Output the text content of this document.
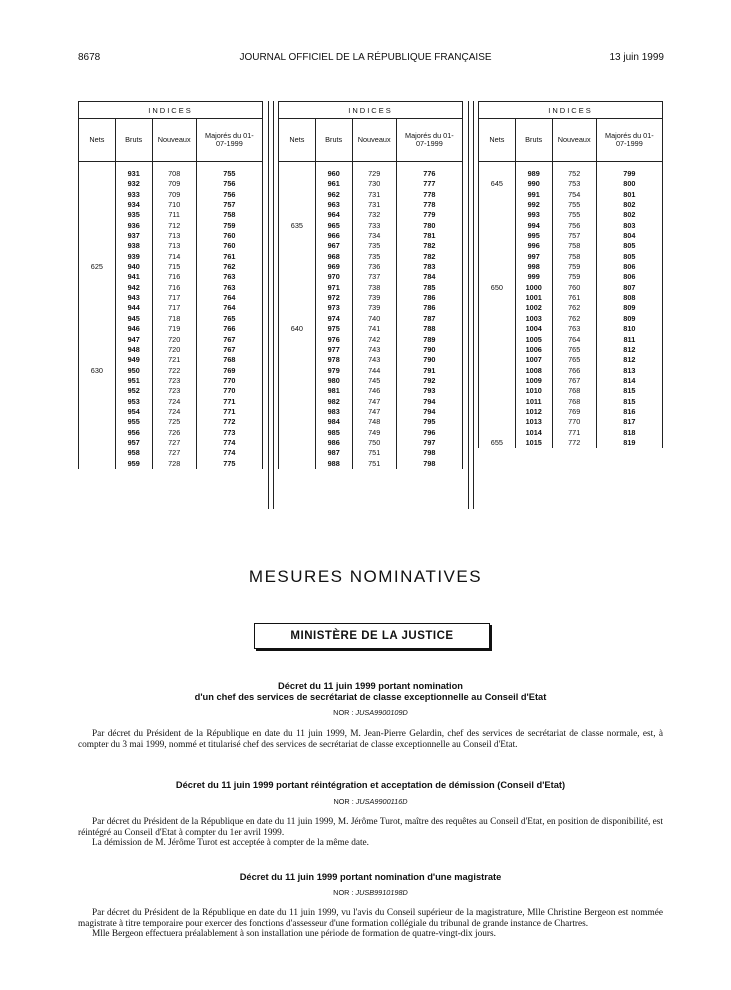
8678	JOURNAL OFFICIEL DE LA RÉPUBLIQUE FRANÇAISE	13 juin 1999
INDICES			
Nets	Bruts	Nouveaux	Majorés du 01-07-1999
	931	708	755
	932	709	756
	933	709	756
	934	710	757
	935	711	758
	936	712	759
	937	713	760
	938	713	760
	939	714	761
625	940	715	762
	941	716	763
	942	716	763
	943	717	764
	944	717	764
	945	718	765
	946	719	766
	947	720	767
	948	720	767
	949	721	768
630	950	722	769
	951	723	770
	952	723	770
	953	724	771
	954	724	771
	955	725	772
	956	726	773
	957	727	774
	958	727	774
	959	728	775
INDICES			
Nets	Bruts	Nouveaux	Majorés du 01-07-1999
	960	729	776
	961	730	777
	962	731	778
	963	731	778
	964	732	779
635	965	733	780
	966	734	781
	967	735	782
	968	735	782
	969	736	783
	970	737	784
	971	738	785
	972	739	786
	973	739	786
	974	740	787
640	975	741	788
	976	742	789
	977	743	790
	978	743	790
	979	744	791
	980	745	792
	981	746	793
	982	747	794
	983	747	794
	984	748	795
	985	749	796
	986	750	797
	987	751	798
	988	751	798
INDICES			
Nets	Bruts	Nouveaux	Majorés du 01-07-1999
	989	752	799
645	990	753	800
	991	754	801
	992	755	802
	993	755	802
	994	756	803
	995	757	804
	996	758	805
	997	758	805
	998	759	806
	999	759	806
650	1000	760	807
	1001	761	808
	1002	762	809
	1003	762	809
	1004	763	810
	1005	764	811
	1006	765	812
	1007	765	812
	1008	766	813
	1009	767	814
	1010	768	815
	1011	768	815
	1012	769	816
	1013	770	817
	1014	771	818
655	1015	772	819
MESURES NOMINATIVES
MINISTÈRE DE LA JUSTICE
Décret du 11 juin 1999 portant nomination
d'un chef des services de secrétariat de classe exceptionnelle au Conseil d'Etat
NOR : JUSA9900109D

Par décret du Président de la République en date du 11 juin 1999, M. Jean-Pierre Gelardin, chef des services de secrétariat de classe normale, est, à compter du 3 mai 1999, nommé et titularisé chef des services de secrétariat de classe exceptionnelle au Conseil d'Etat.

Décret du 11 juin 1999 portant réintégration et acceptation de démission (Conseil d'Etat)
NOR : JUSA9900116D

Par décret du Président de la République en date du 11 juin 1999, M. Jérôme Turot, maître des requêtes au Conseil d'Etat, en position de disponibilité, est réintégré au Conseil d'Etat à compter du 1er avril 1999.

La démission de M. Jérôme Turot est acceptée à compter de la même date.

Décret du 11 juin 1999 portant nomination d'une magistrate
NOR : JUSB9910198D

Par décret du Président de la République en date du 11 juin 1999, vu l'avis du Conseil supérieur de la magistrature, Mlle Christine Bergeon est nommée magistrate à titre temporaire pour exercer des fonctions d'assesseur d'une formation collégiale du tribunal de grande instance de Chartres.

Mlle Bergeon effectuera préalablement à son installation une période de formation de quatre-vingt-dix jours.
